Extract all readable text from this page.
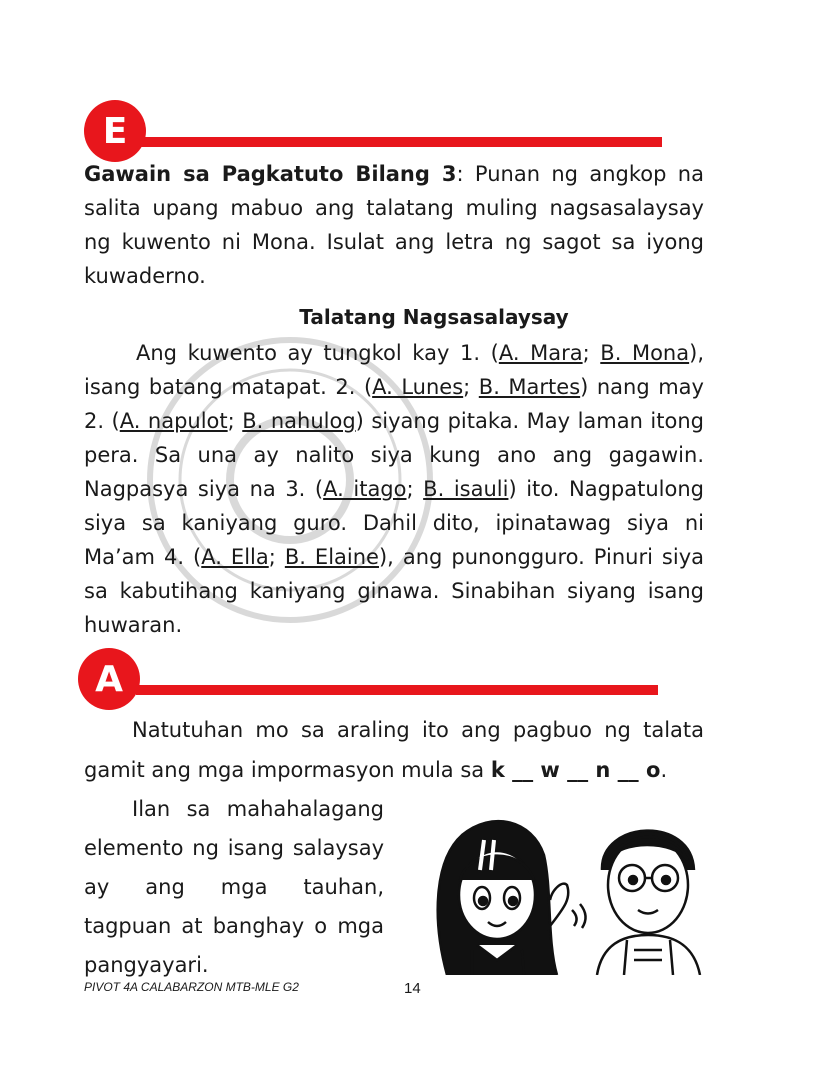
E

Gawain sa Pagkatuto Bilang 3: Punan ng angkop na salita upang mabuo ang talatang muling nagsasalaysay ng kuwento ni Mona. Isulat ang letra ng sagot sa iyong kuwaderno.

Talatang Nagsasalaysay

Ang kuwento ay tungkol kay 1. (A. Mara; B. Mona), isang batang matapat. 2. (A. Lunes; B. Martes) nang may 2. (A. napulot; B. nahulog) siyang pitaka. May laman itong pera. Sa una ay nalito siya kung ano ang gagawin. Nagpasya siya na 3. (A. itago; B. isauli) ito. Nagpatulong siya sa kaniyang guro. Dahil dito, ipinatawag siya ni Ma’am 4. (A. Ella; B. Elaine), ang punongguro. Pinuri siya sa kabutihang kaniyang ginawa. Sinabihan siyang isang huwaran.

A

Natutuhan mo sa araling ito ang pagbuo ng talata gamit ang mga impormasyon mula sa k __ w __ n __ o.

Ilan sa mahahalagang elemento ng isang salaysay ay ang mga tauhan, tagpuan at banghay o mga pangyayari.

PIVOT 4A CALABARZON MTB-MLE G2	14
